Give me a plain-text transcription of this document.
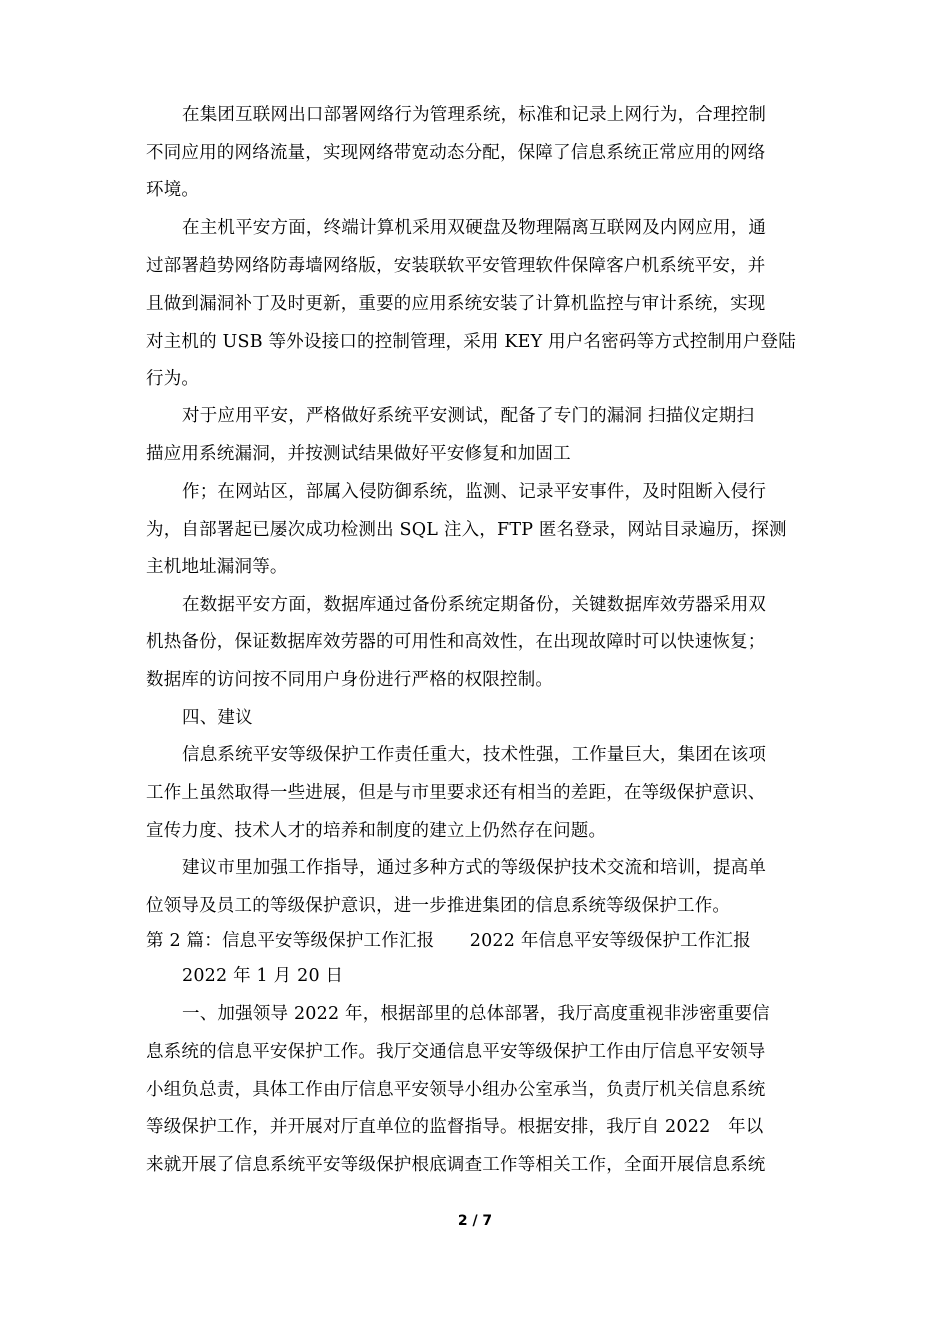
在集团互联网出口部署网络行为管理系统，标准和记录上网行为，合理控制
不同应用的网络流量，实现网络带宽动态分配，保障了信息系统正常应用的网络
环境。
在主机平安方面，终端计算机采用双硬盘及物理隔离互联网及内网应用，通
过部署趋势网络防毒墙网络版，安装联软平安管理软件保障客户机系统平安，并
且做到漏洞补丁及时更新，重要的应用系统安装了计算机监控与审计系统，实现
对主机的 USB 等外设接口的控制管理，采用 KEY 用户名密码等方式控制用户登陆
行为。
对于应用平安，严格做好系统平安测试，配备了专门的漏洞 扫描仪定期扫
描应用系统漏洞，并按测试结果做好平安修复和加固工
作；在网站区，部属入侵防御系统，监测、记录平安事件，及时阻断入侵行
为，自部署起已屡次成功检测出 SQL 注入，FTP 匿名登录，网站目录遍历，探测
主机地址漏洞等。
在数据平安方面，数据库通过备份系统定期备份，关键数据库效劳器采用双
机热备份，保证数据库效劳器的可用性和高效性，在出现故障时可以快速恢复；
数据库的访问按不同用户身份进行严格的权限控制。
四、建议
信息系统平安等级保护工作责任重大，技术性强，工作量巨大，集团在该项
工作上虽然取得一些进展，但是与市里要求还有相当的差距，在等级保护意识、
宣传力度、技术人才的培养和制度的建立上仍然存在问题。
建议市里加强工作指导，通过多种方式的等级保护技术交流和培训，提高单
位领导及员工的等级保护意识，进一步推进集团的信息系统等级保护工作。
第 2 篇：信息平安等级保护工作汇报　　2022 年信息平安等级保护工作汇报
2022 年 1 月 20 日
一、加强领导 2022 年，根据部里的总体部署，我厅高度重视非涉密重要信
息系统的信息平安保护工作。我厅交通信息平安等级保护工作由厅信息平安领导
小组负总责，具体工作由厅信息平安领导小组办公室承当，负责厅机关信息系统
等级保护工作，并开展对厅直单位的监督指导。根据安排，我厅自 2022　年以
来就开展了信息系统平安等级保护根底调查工作等相关工作，全面开展信息系统
2 / 7
